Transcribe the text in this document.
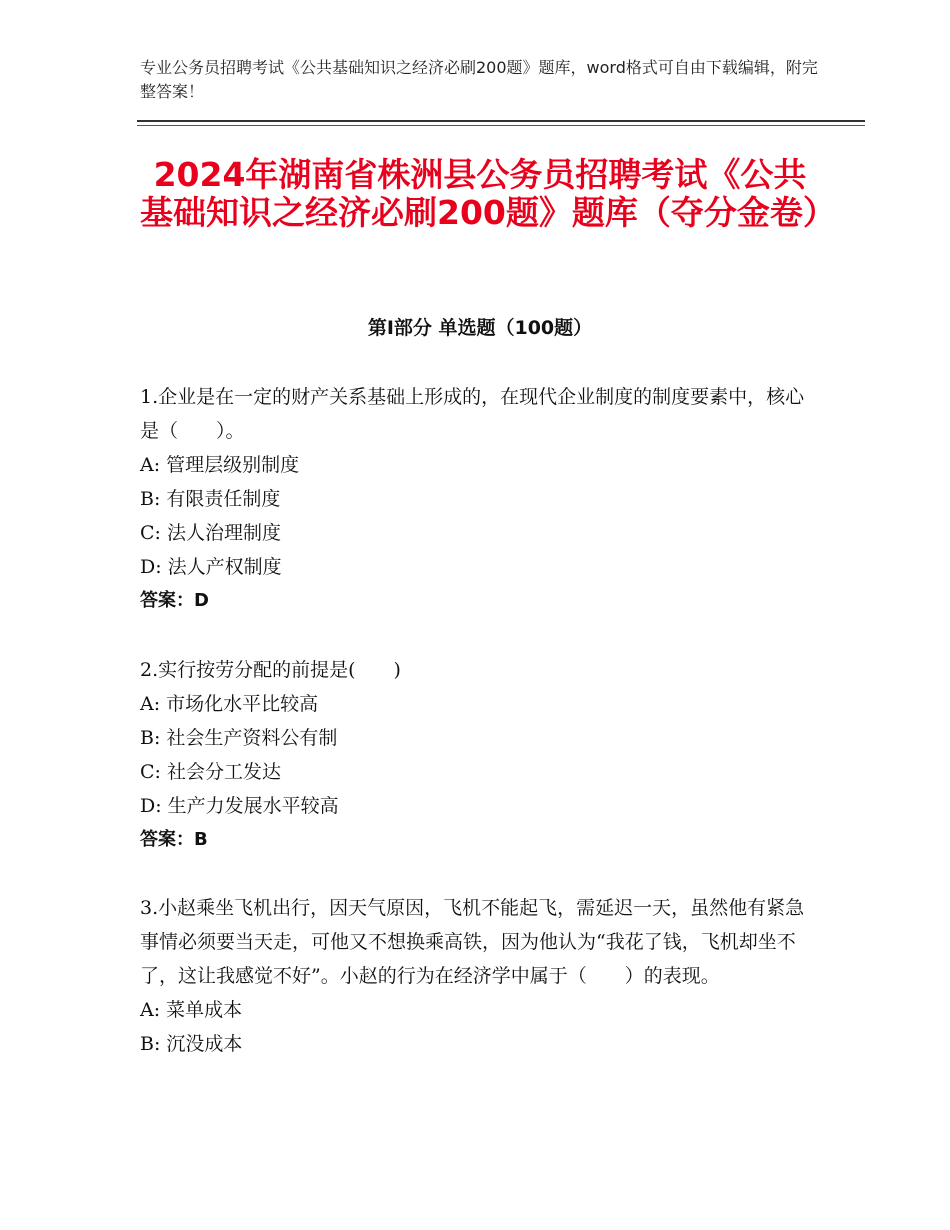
专业公务员招聘考试《公共基础知识之经济必刷200题》题库，word格式可自由下载编辑，附完整答案！
2024年湖南省株洲县公务员招聘考试《公共基础知识之经济必刷200题》题库（夺分金卷）
第Ⅰ部分 单选题（100题）

1.企业是在一定的财产关系基础上形成的，在现代企业制度的制度要素中，核心是（　　）。

A: 管理层级别制度

B: 有限责任制度

C: 法人治理制度

D: 法人产权制度

答案：D

2.实行按劳分配的前提是(　　)

A: 市场化水平比较高

B: 社会生产资料公有制

C: 社会分工发达

D: 生产力发展水平较高

答案：B

3.小赵乘坐飞机出行，因天气原因，飞机不能起飞，需延迟一天，虽然他有紧急事情必须要当天走，可他又不想换乘高铁，因为他认为“我花了钱，飞机却坐不了，这让我感觉不好”。小赵的行为在经济学中属于（　　）的表现。

A: 菜单成本

B: 沉没成本
